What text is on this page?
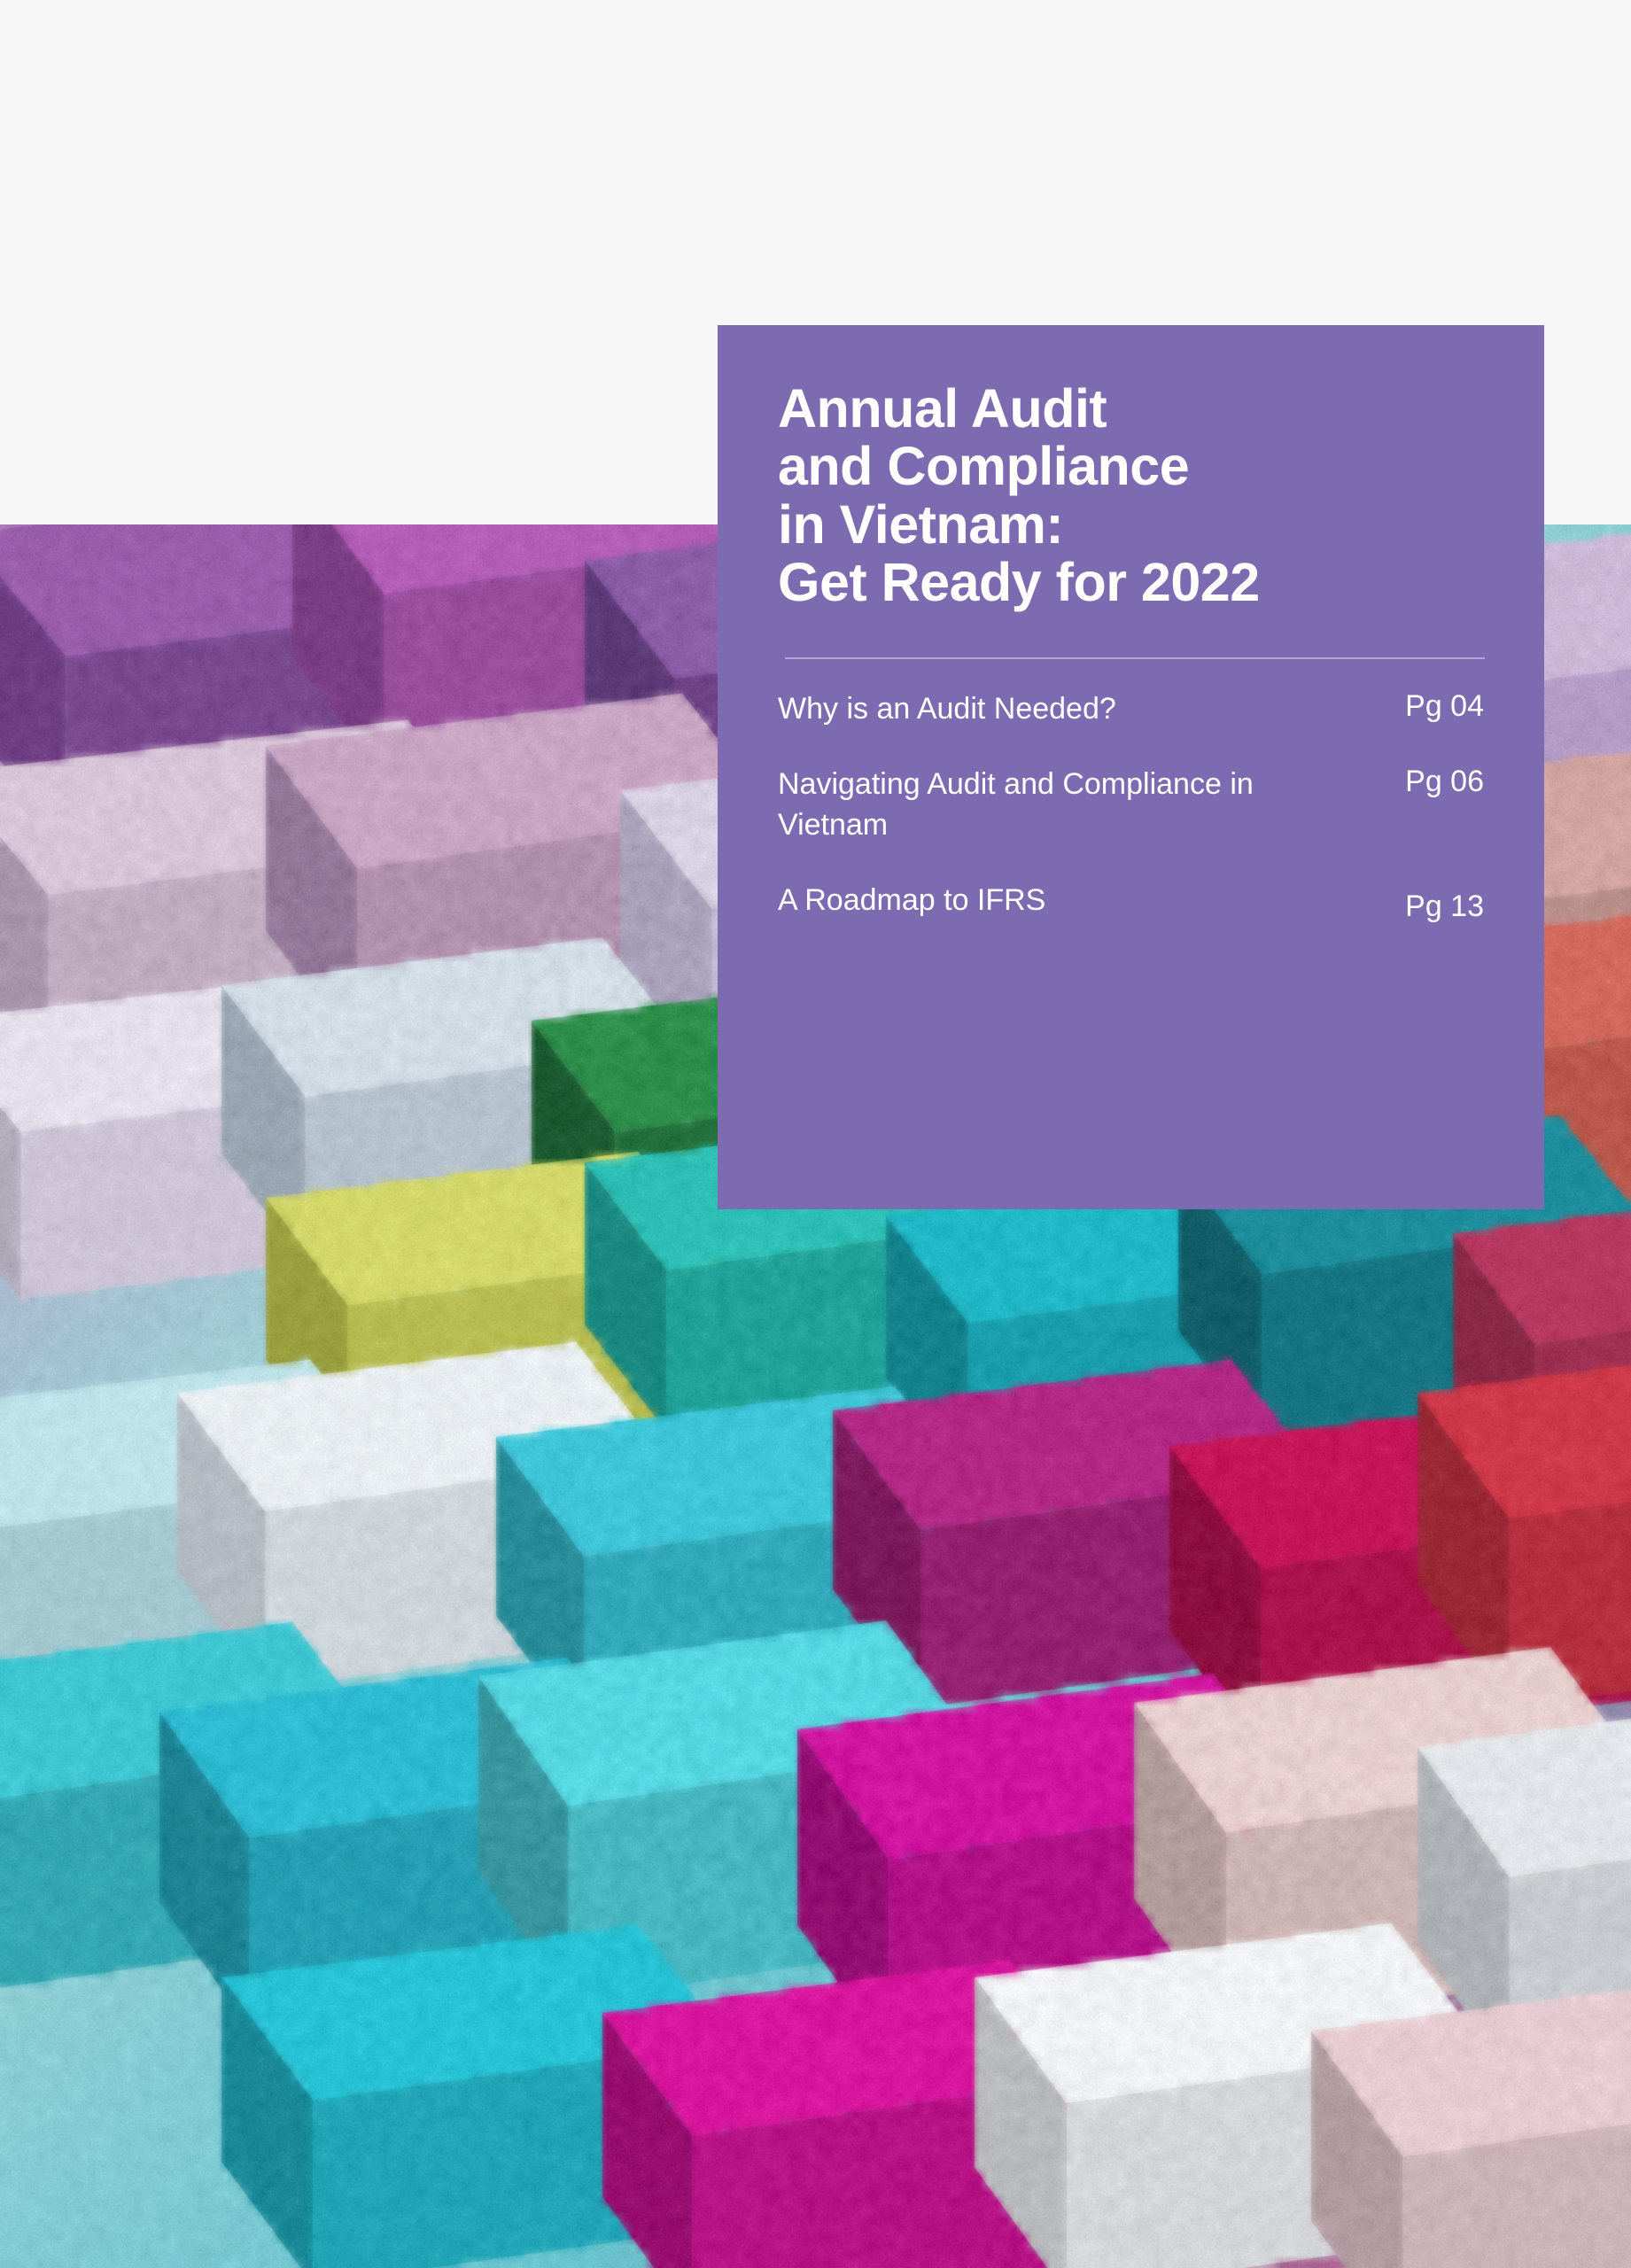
Annual Audit
and Compliance
in Vietnam:
Get Ready for 2022
Why is an Audit Needed?	Pg 04
Navigating Audit and Compliance in Vietnam
Pg 06
A Roadmap to IFRS	Pg 13
